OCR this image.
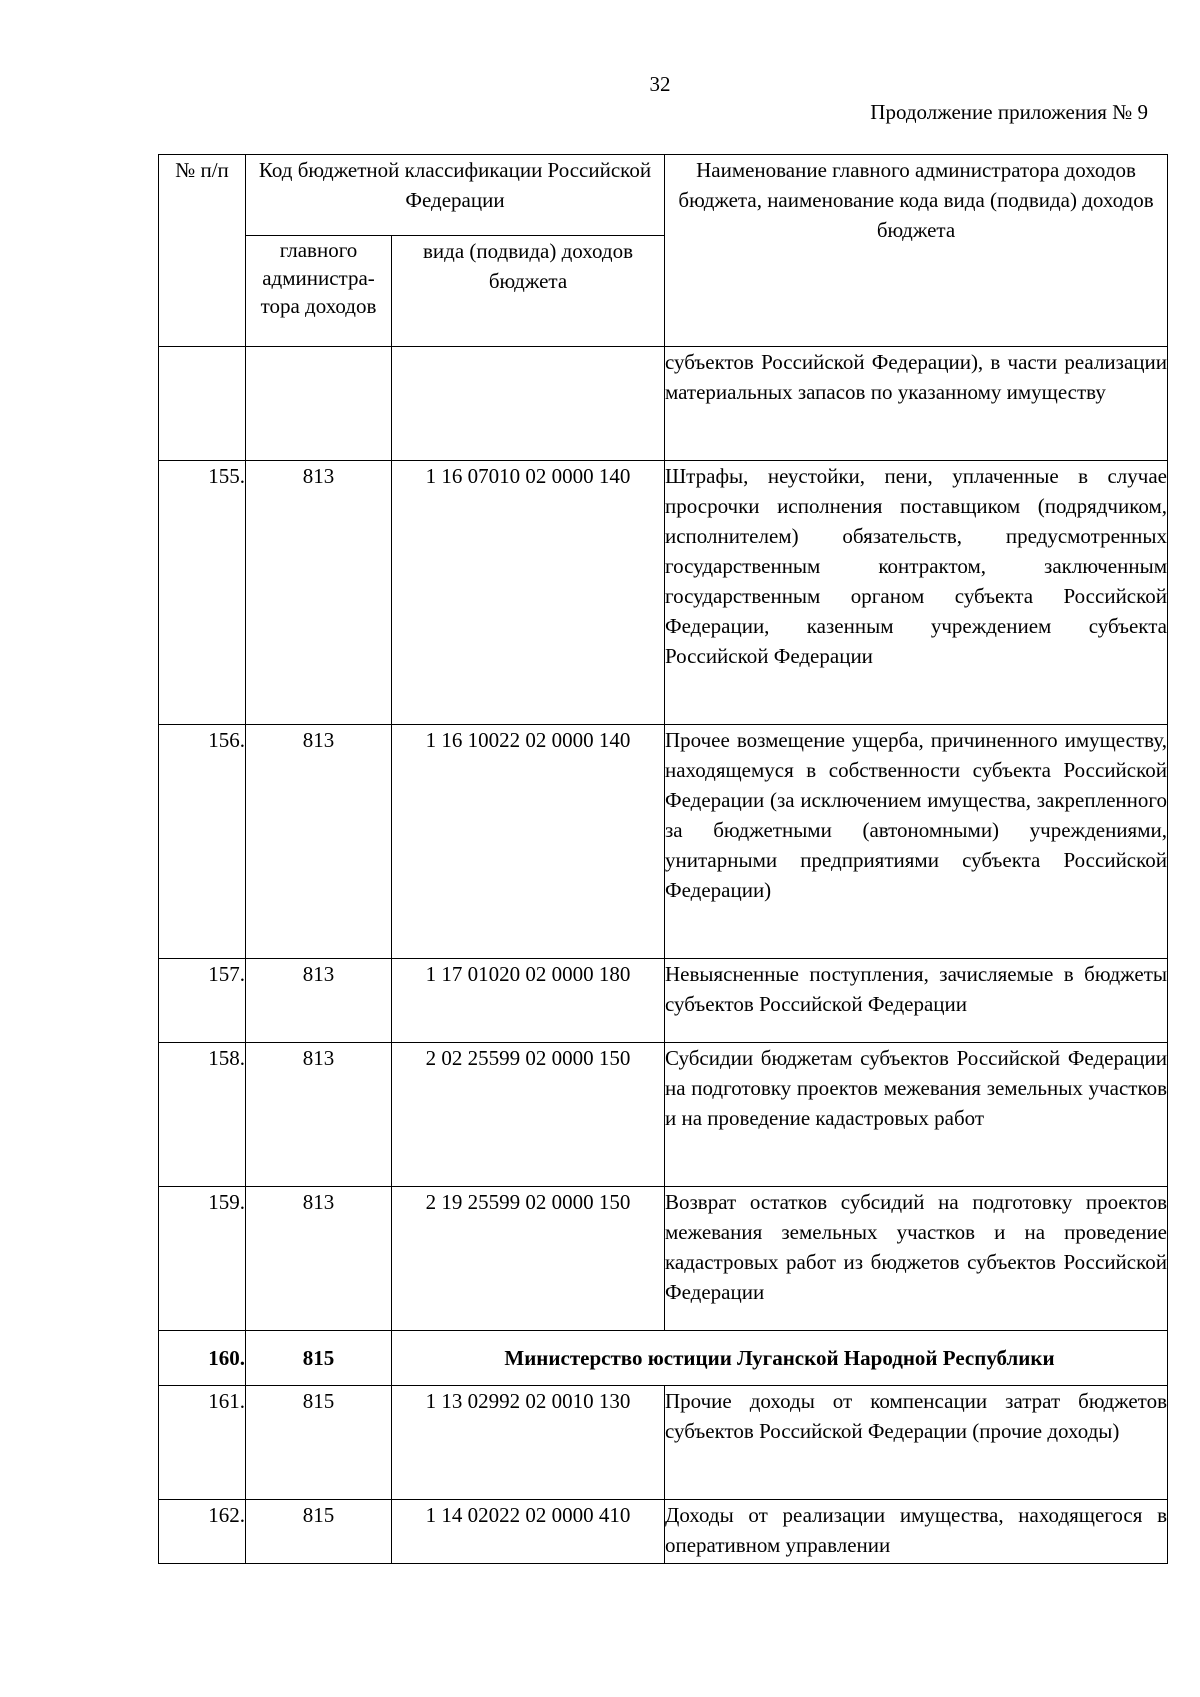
32
Продолжение приложения № 9
№ п/п	Код бюджетной классификации Российской Федерации		Наименование главного администратора доходов бюджета, наименование кода вида (подвида) доходов бюджета
	главного администра-тора доходов	вида (подвида) доходов бюджета	
			субъектов Российской Федерации), в части реализации материальных запасов по указанному имуществу
155.	813	1 16 07010 02 0000 140	Штрафы, неустойки, пени, уплаченные в случае просрочки исполнения поставщиком (подрядчиком, исполнителем) обязательств, предусмотренных государственным контрактом, заключенным государственным органом субъекта Российской Федерации, казенным учреждением субъекта Российской Федерации
156.	813	1 16 10022 02 0000 140	Прочее возмещение ущерба, причиненного имуществу, находящемуся в собственности субъекта Российской Федерации (за исключением имущества, закрепленного за бюджетными (автономными) учреждениями, унитарными предприятиями субъекта Российской Федерации)
157.	813	1 17 01020 02 0000 180	Невыясненные поступления, зачисляемые в бюджеты субъектов Российской Федерации
158.	813	2 02 25599 02 0000 150	Субсидии бюджетам субъектов Российской Федерации на подготовку проектов межевания земельных участков и на проведение кадастровых работ
159.	813	2 19 25599 02 0000 150	Возврат остатков субсидий на подготовку проектов межевания земельных участков и на проведение кадастровых работ из бюджетов субъектов Российской Федерации
160.	815	Министерство юстиции Луганской Народной Республики	
161.	815	1 13 02992 02 0010 130	Прочие доходы от компенсации затрат бюджетов субъектов Российской Федерации (прочие доходы)
162.	815	1 14 02022 02 0000 410	Доходы от реализации имущества, находящегося в оперативном управлении
